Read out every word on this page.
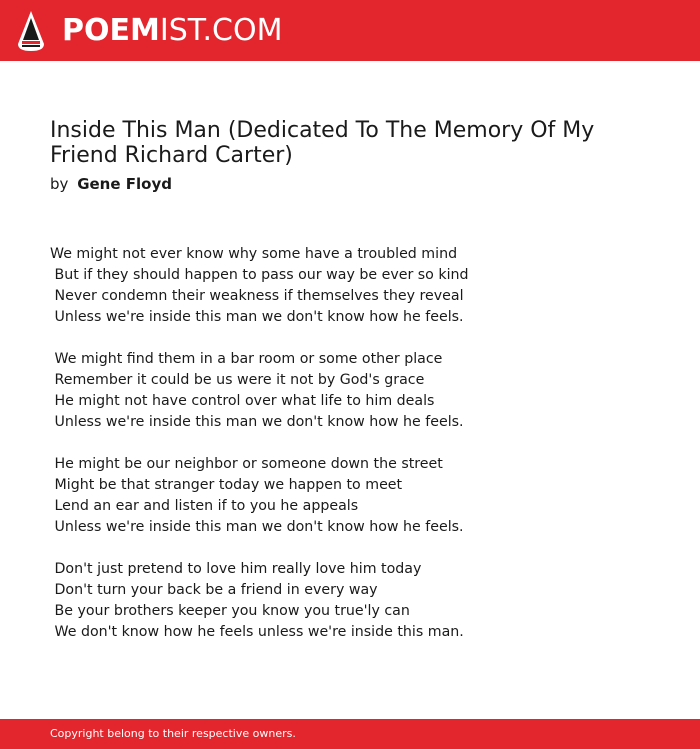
POEMIST.COM
Inside This Man (Dedicated To The Memory Of My Friend Richard Carter)
by Gene Floyd
We might not ever know why some have a troubled mind
But if they should happen to pass our way be ever so kind
Never condemn their weakness if themselves they reveal
Unless we're inside this man we don't know how he feels.
We might find them in a bar room or some other place
Remember it could be us were it not by God's grace
He might not have control over what life to him deals
Unless we're inside this man we don't know how he feels.
He might be our neighbor or someone down the street
Might be that stranger today we happen to meet
Lend an ear and listen if to you he appeals
Unless we're inside this man we don't know how he feels.
Don't just pretend to love him really love him today
Don't turn your back be a friend in every way
Be your brothers keeper you know you true'ly can
We don't know how he feels unless we're inside this man.
Copyright belong to their respective owners.
